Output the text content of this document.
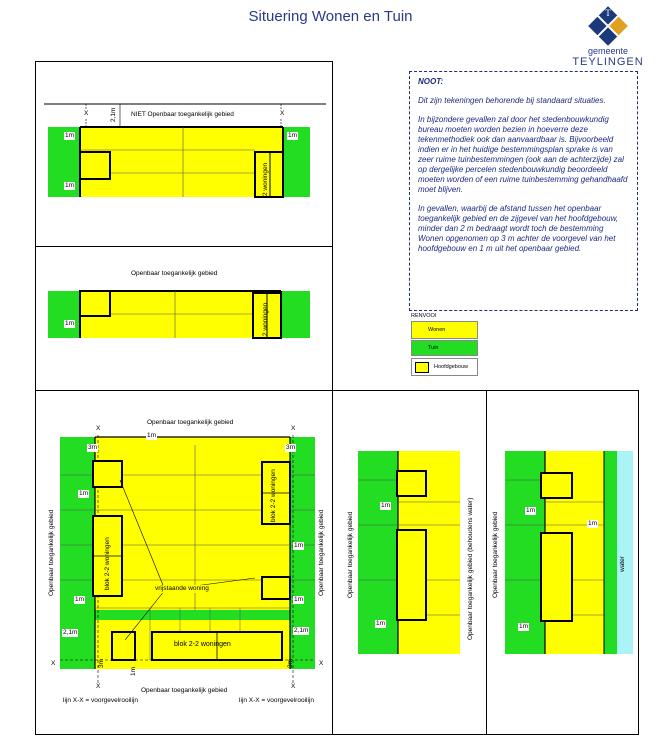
Situering Wonen en Tuin	T
gemeente
TEYLINGEN
NIET Openbaar toegankelijk gebied
X	X
2,1m
1m	1m
1m	2 woningen
Openbaar toegankelijk gebied
1m	2 woningen

NOOT:

Dit zijn tekeningen behorende bij standaard situaties.

In bijzondere gevallen zal door het stedenbouwkundig bureau moeten worden bezien in hoeverre deze tekenmethodiek ook dan aanvaardbaar is. Bijvoorbeeld indien er in het huidige bestemmingsplan sprake is van zeer ruime tuinbestemmingen (ook aan de achterzijde) zal op dergelijke percelen stedenbouwkundig beoordeeld moeten worden of een ruime tuinbestemming gehandhaafd moet blijven.

In gevallen, waarbij de afstand tussen het openbaar toegankelijk gebied en de zijgevel van het hoofdgebouw, minder dan 2 m bedraagt wordt toch de bestemming Wonen opgenomen op 3 m achter de voorgevel van het hoofdgebouw en 1 m uit het openbaar gebied.

RENVOOI
Wonen
Tuin
Hoofdgebouw
Openbaar toegankelijk gebied
Openbaar toegankelijk gebied
Openbaar toegankelijk gebied	Openbaar toegankelijk gebied
X	X
X	X
X	X
1m
3m	3m
1m
1m
1m
1m
2,1m	2,1m
3m
1m
3m
blok 2-2 woningen
blok 2-2 woningen
blok 2-2 woningen
vrijstaande woning
lijn X-X = voorgevelrooilijn	lijn X-X = voorgevelrooilijn
Openbaar toegankelijk gebied	Openbaar toegankelijk gebied (behoudens water)
1m
1m
Openbaar toegankelijk gebied
1m
1m
1m
water
